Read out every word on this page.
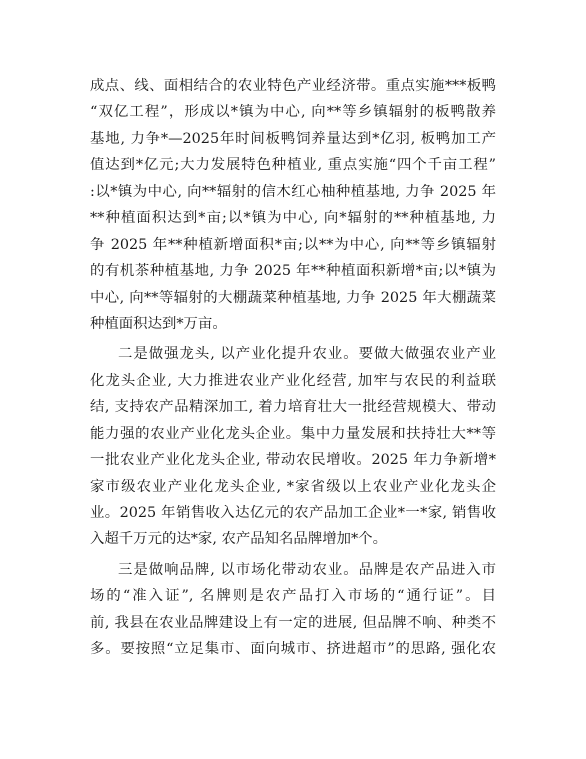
成点、线、面相结合的农业特色产业经济带。重点实施***板鸭
“双亿工程”，形成以*镇为中心, 向**等乡镇辐射的板鸭散养
基地, 力争*—2025年时间板鸭饲养量达到*亿羽, 板鸭加工产
值达到*亿元;大力发展特色种植业, 重点实施“四个千亩工程”
:以*镇为中心, 向**辐射的信木红心柚种植基地, 力争 2025 年
**种植面积达到*亩;以*镇为中心, 向*辐射的**种植基地, 力
争 2025 年**种植新增面积*亩;以**为中心, 向**等乡镇辐射
的有机茶种植基地, 力争 2025 年**种植面积新增*亩;以*镇为
中心, 向**等辐射的大棚蔬菜种植基地, 力争 2025 年大棚蔬菜
种植面积达到*万亩。
二是做强龙头, 以产业化提升农业。要做大做强农业产业
化龙头企业, 大力推进农业产业化经营, 加牢与农民的利益联
结, 支持农产品精深加工, 着力培育壮大一批经营规模大、带动
能力强的农业产业化龙头企业。集中力量发展和扶持壮大**等
一批农业产业化龙头企业, 带动农民增收。2025 年力争新增*
家市级农业产业化龙头企业, *家省级以上农业产业化龙头企
业。2025 年销售收入达亿元的农产品加工企业*一*家, 销售收
入超千万元的达*家, 农产品知名品牌增加*个。
三是做响品牌, 以市场化带动农业。品牌是农产品进入市
场的“准入证”, 名牌则是农产品打入市场的“通行证”。目
前, 我县在农业品牌建设上有一定的进展, 但品牌不响、种类不
多。要按照“立足集市、面向城市、挤进超市”的思路, 强化农
